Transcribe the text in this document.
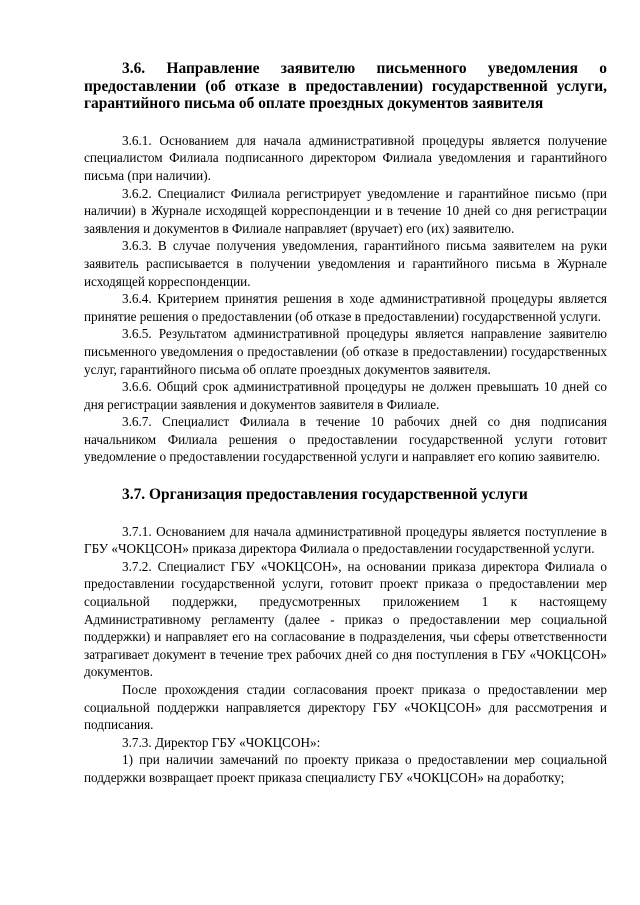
3.6. Направление заявителю письменного уведомления о предоставлении (об отказе в предоставлении) государственной услуги, гарантийного письма об оплате проездных документов заявителя

3.6.1. Основанием для начала административной процедуры является получение специалистом Филиала подписанного директором Филиала уведомления и гарантийного письма (при наличии).

3.6.2. Специалист Филиала регистрирует уведомление и гарантийное письмо (при наличии) в Журнале исходящей корреспонденции и в течение 10 дней со дня регистрации заявления и документов в Филиале направляет (вручает) его (их) заявителю.

3.6.3. В случае получения уведомления, гарантийного письма заявителем на руки заявитель расписывается в получении уведомления и гарантийного письма в Журнале исходящей корреспонденции.

3.6.4. Критерием принятия решения в ходе административной процедуры является принятие решения о предоставлении (об отказе в предоставлении) государственной услуги.

3.6.5. Результатом административной процедуры является направление заявителю письменного уведомления о предоставлении (об отказе в предоставлении) государственных услуг, гарантийного письма об оплате проездных документов заявителя.

3.6.6. Общий срок административной процедуры не должен превышать 10 дней со дня регистрации заявления и документов заявителя в Филиале.

3.6.7. Специалист Филиала в течение 10 рабочих дней со дня подписания начальником Филиала решения о предоставлении государственной услуги готовит уведомление о предоставлении государственной услуги и направляет его копию заявителю.

3.7. Организация предоставления государственной услуги

3.7.1. Основанием для начала административной процедуры является поступление в ГБУ «ЧОКЦСОН» приказа директора Филиала о предоставлении государственной услуги.

3.7.2. Специалист ГБУ «ЧОКЦСОН», на основании приказа директора Филиала о предоставлении государственной услуги, готовит проект приказа о предоставлении мер социальной поддержки, предусмотренных приложением 1 к настоящему Административному регламенту (далее - приказ о предоставлении мер социальной поддержки) и направляет его на согласование в подразделения, чьи сферы ответственности затрагивает документ в течение трех рабочих дней со дня поступления в ГБУ «ЧОКЦСОН» документов.

После прохождения стадии согласования проект приказа о предоставлении мер социальной поддержки направляется директору ГБУ «ЧОКЦСОН» для рассмотрения и подписания.

3.7.3. Директор ГБУ «ЧОКЦСОН»:

1) при наличии замечаний по проекту приказа о предоставлении мер социальной поддержки возвращает проект приказа специалисту ГБУ «ЧОКЦСОН» на доработку;
